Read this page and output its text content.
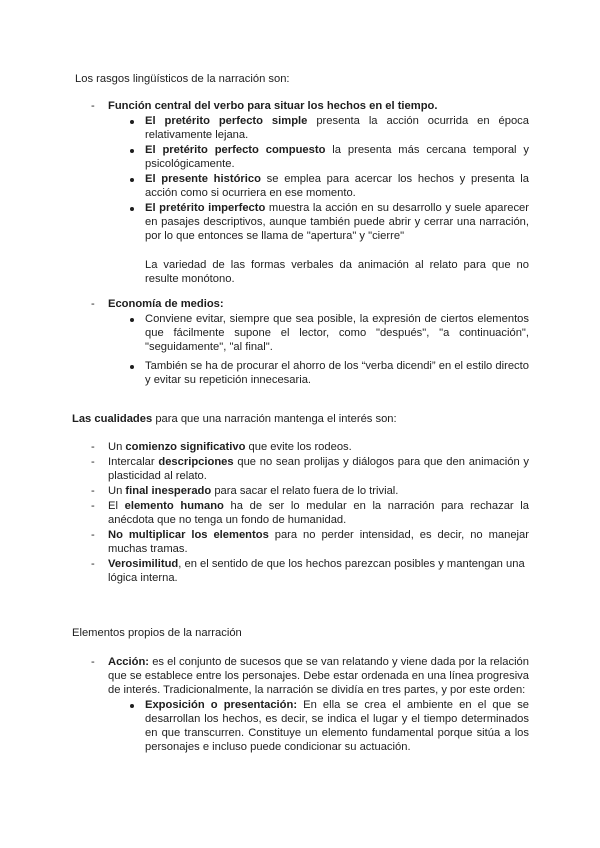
Los rasgos lingüísticos de la narración son:
- Función central del verbo para situar los hechos en el tiempo.
El pretérito perfecto simple presenta la acción ocurrida en época
relativamente lejana.
El pretérito perfecto compuesto la presenta más cercana temporal y
psicológicamente.
El presente histórico se emplea para acercar los hechos y presenta la
acción como si ocurriera en ese momento.
El pretérito imperfecto muestra la acción en su desarrollo y suele aparecer
en pasajes descriptivos, aunque también puede abrir y cerrar una narración,
por lo que entonces se llama de "apertura" y "cierre"
La variedad de las formas verbales da animación al relato para que no
resulte monótono.
- Economía de medios:
Conviene evitar, siempre que sea posible, la expresión de ciertos elementos
que fácilmente supone el lector, como "después", "a continuación",
"seguidamente", "al final".
También se ha de procurar el ahorro de los “verba dicendi” en el estilo directo
y evitar su repetición innecesaria.
Las cualidades para que una narración mantenga el interés son:
- Un comienzo significativo que evite los rodeos.
- Intercalar descripciones que no sean prolijas y diálogos para que den animación y
plasticidad al relato.
- Un final inesperado para sacar el relato fuera de lo trivial.
- El elemento humano ha de ser lo medular en la narración para rechazar la
anécdota que no tenga un fondo de humanidad.
- No multiplicar los elementos para no perder intensidad, es decir, no manejar
muchas tramas.
- Verosimilitud, en el sentido de que los hechos parezcan posibles y mantengan una
lógica interna.
Elementos propios de la narración
- Acción: es el conjunto de sucesos que se van relatando y viene dada por la relación
que se establece entre los personajes. Debe estar ordenada en una línea progresiva
de interés. Tradicionalmente, la narración se dividía en tres partes, y por este orden:
Exposición o presentación: En ella se crea el ambiente en el que se
desarrollan los hechos, es decir, se indica el lugar y el tiempo determinados
en que transcurren. Constituye un elemento fundamental porque sitúa a los
personajes e incluso puede condicionar su actuación.
